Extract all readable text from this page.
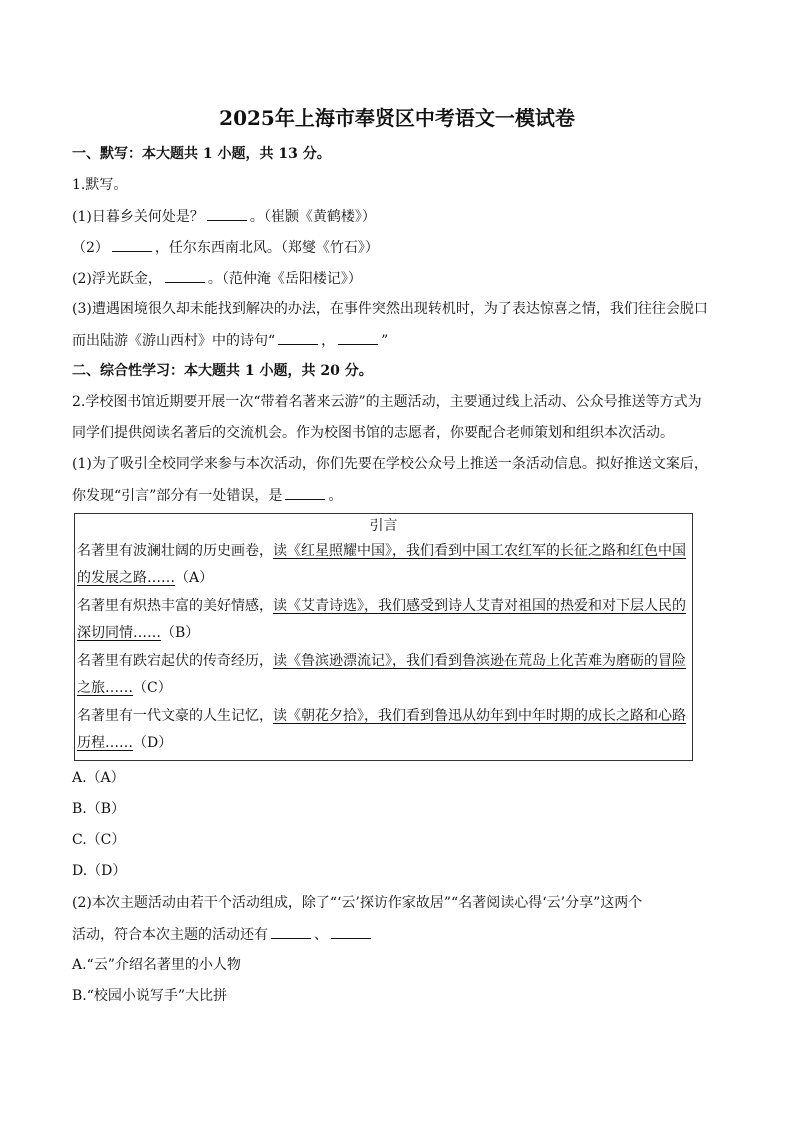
2025年上海市奉贤区中考语文一模试卷
一、默写：本大题共 1 小题，共 13 分。
1.默写。
(1)日暮乡关何处是？	。（崔颢《黄鹤楼》）
（2）	，任尔东西南北风。（郑燮《竹石》）
(2)浮光跃金，	。（范仲淹《岳阳楼记》）
(3)遭遇困境很久却未能找到解决的办法，在事件突然出现转机时，为了表达惊喜之情，我们往往会脱口
而出陆游《游山西村》中的诗句“	，	”
二、综合性学习：本大题共 1 小题，共 20 分。
2.学校图书馆近期要开展一次“带着名著来云游”的主题活动，主要通过线上活动、公众号推送等方式为
同学们提供阅读名著后的交流机会。作为校图书馆的志愿者，你要配合老师策划和组织本次活动。
(1)为了吸引全校同学来参与本次活动，你们先要在学校公众号上推送一条活动信息。拟好推送文案后，
你发现“引言”部分有一处错误，是	。
引言
名著里有波澜壮阔的历史画卷，读《红星照耀中国》，我们看到中国工农红军的长征之路和红色中国
的发展之路……（A）
名著里有炽热丰富的美好情感，读《艾青诗选》，我们感受到诗人艾青对祖国的热爱和对下层人民的
深切同情……（B）
名著里有跌宕起伏的传奇经历，读《鲁滨逊漂流记》，我们看到鲁滨逊在荒岛上化苦难为磨砺的冒险
之旅……（C）
名著里有一代文豪的人生记忆，读《朝花夕拾》，我们看到鲁迅从幼年到中年时期的成长之路和心路
历程……（D）
A.（A）
B.（B）
C.（C）
D.（D）
(2)本次主题活动由若干个活动组成，除了“‘云’探访作家故居”“名著阅读心得‘云’分享”这两个
活动，符合本次主题的活动还有	、
A.“云”介绍名著里的小人物
B.“校园小说写手”大比拼
